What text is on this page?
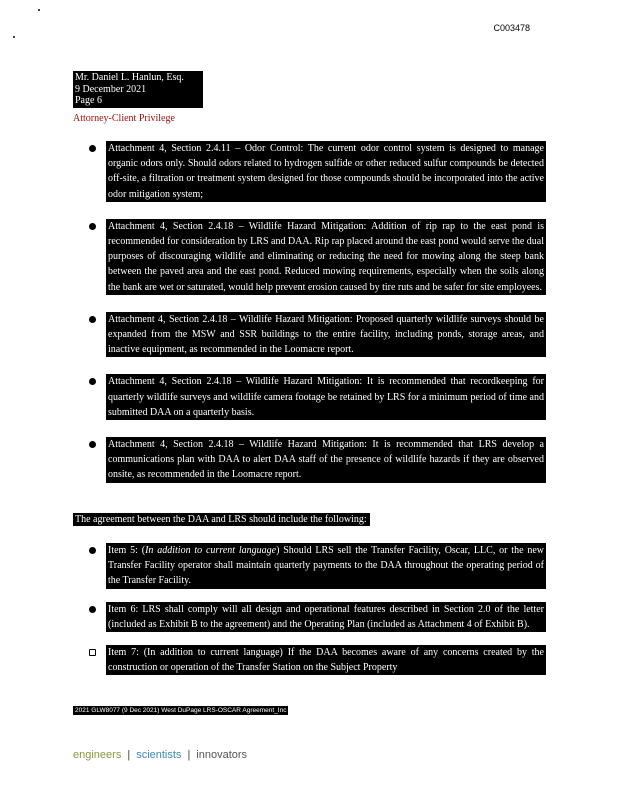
C003478
Mr. Daniel L. Hanlun, Esq.
9 December 2021
Page 6
Attorney-Client Privilege
Attachment 4, Section 2.4.11 – Odor Control: The current odor control system is designed to manage organic odors only. Should odors related to hydrogen sulfide or other reduced sulfur compounds be detected off-site, a filtration or treatment system designed for those compounds should be incorporated into the active odor mitigation system;
Attachment 4, Section 2.4.18 – Wildlife Hazard Mitigation: Addition of rip rap to the east pond is recommended for consideration by LRS and DAA. Rip rap placed around the east pond would serve the dual purposes of discouraging wildlife and eliminating or reducing the need for mowing along the steep bank between the paved area and the east pond. Reduced mowing requirements, especially when the soils along the bank are wet or saturated, would help prevent erosion caused by tire ruts and be safer for site employees.
Attachment 4, Section 2.4.18 – Wildlife Hazard Mitigation: Proposed quarterly wildlife surveys should be expanded from the MSW and SSR buildings to the entire facility, including ponds, storage areas, and inactive equipment, as recommended in the Loomacre report.
Attachment 4, Section 2.4.18 – Wildlife Hazard Mitigation: It is recommended that recordkeeping for quarterly wildlife surveys and wildlife camera footage be retained by LRS for a minimum period of time and submitted DAA on a quarterly basis.
Attachment 4, Section 2.4.18 – Wildlife Hazard Mitigation: It is recommended that LRS develop a communications plan with DAA to alert DAA staff of the presence of wildlife hazards if they are observed onsite, as recommended in the Loomacre report.
The agreement between the DAA and LRS should include the following:
Item 5: (In addition to current language) Should LRS sell the Transfer Facility, Oscar, LLC, or the new Transfer Facility operator shall maintain quarterly payments to the DAA throughout the operating period of the Transfer Facility.
Item 6: LRS shall comply will all design and operational features described in Section 2.0 of the letter (included as Exhibit B to the agreement) and the Operating Plan (included as Attachment 4 of Exhibit B).
Item 7: (In addition to current language) If the DAA becomes aware of any concerns created by the construction or operation of the Transfer Station on the Subject Property
2021 GLW8077 (9 Dec 2021) West DuPage LRS-OSCAR Agreement_Inc
engineers | scientists | innovators
